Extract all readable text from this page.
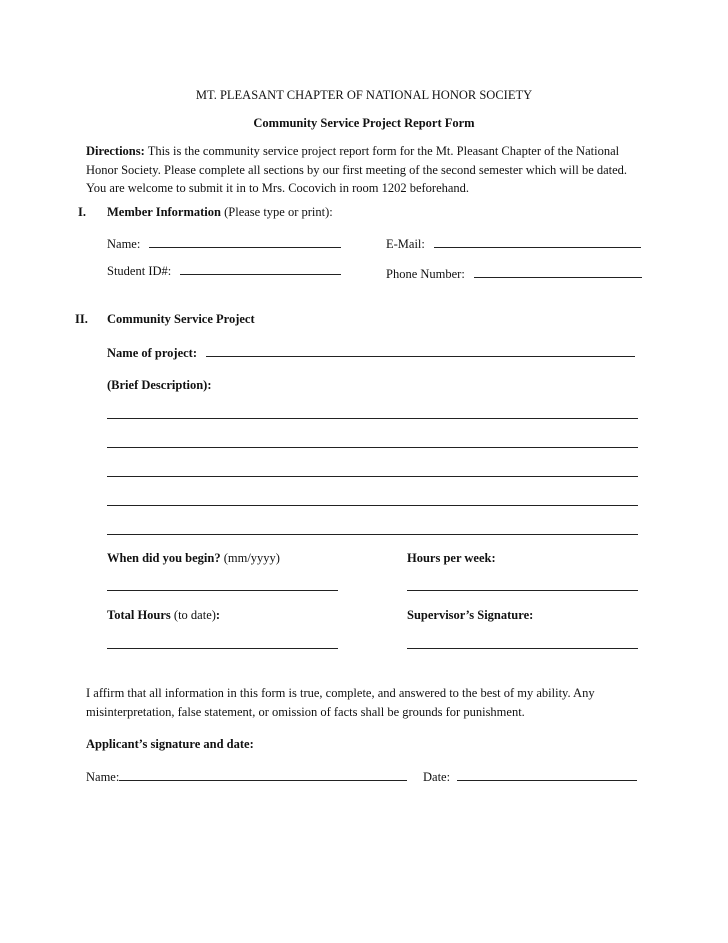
MT. PLEASANT CHAPTER OF NATIONAL HONOR SOCIETY
Community Service Project Report Form
Directions: This is the community service project report form for the Mt. Pleasant Chapter of the National
Honor Society. Please complete all sections by our first meeting of the second semester which will be dated.
You are welcome to submit it in to Mrs. Cocovich in room 1202 beforehand.
I. Member Information (Please type or print):
Name:	E-Mail:
Student ID#:	Phone Number:
II. Community Service Project
Name of project:
(Brief Description):
When did you begin? (mm/yyyy)	Hours per week:
Total Hours (to date):	Supervisor’s Signature:
I affirm that all information in this form is true, complete, and answered to the best of my ability. Any
misinterpretation, false statement, or omission of facts shall be grounds for punishment.
Applicant’s signature and date:
Name:	Date:
